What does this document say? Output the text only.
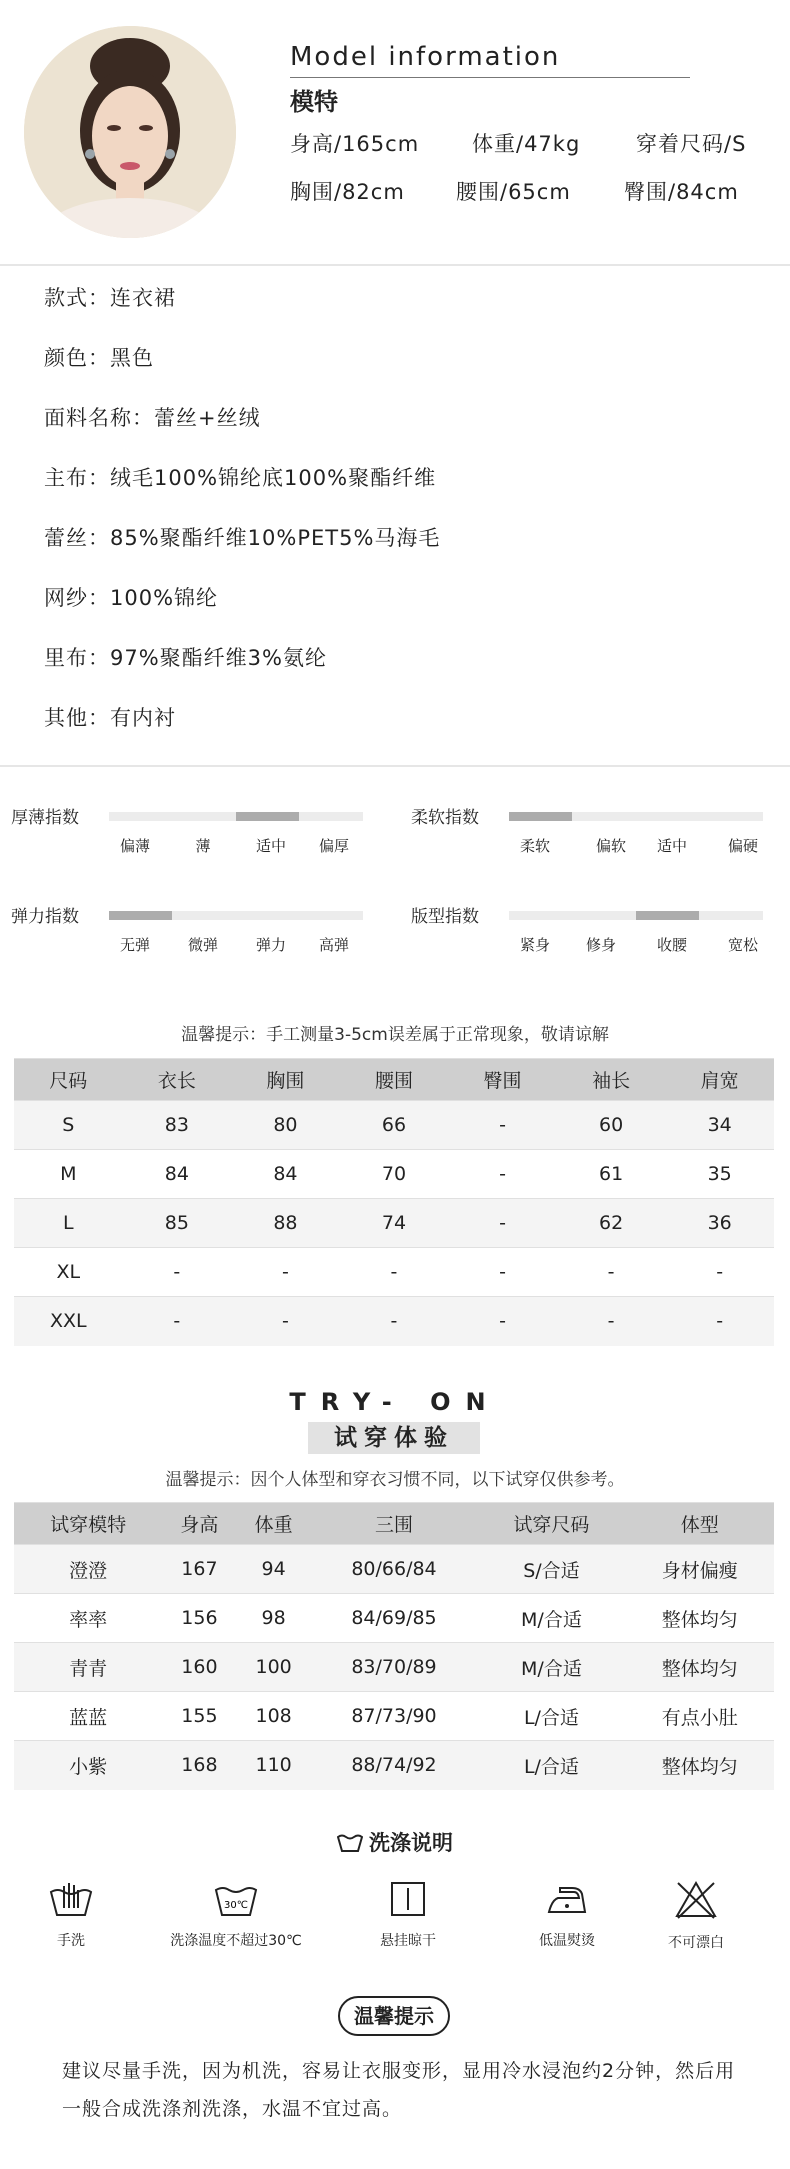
Model information
模特
身高/165cm	体重/47kg	穿着尺码/S
胸围/82cm 腰围/65cm	臀围/84cm
款式：连衣裙
颜色：黑色
面料名称：蕾丝+丝绒
主布：绒毛100%锦纶底100%聚酯纤维
蕾丝：85%聚酯纤维10%PET5%马海毛
网纱：100%锦纶
里布：97%聚酯纤维3%氨纶
其他：有内衬
厚薄指数
偏薄	薄	适中	偏厚
柔软指数
柔软	偏软	适中	偏硬
弹力指数
无弹	微弹	弹力	高弹
版型指数
紧身	修身	收腰	宽松
温馨提示：手工测量3-5cm误差属于正常现象，敬请谅解
尺码	衣长	胸围	腰围	臀围	袖长	肩宽
S	83	80	66	-	60	34
M	84	84	70	-	61	35
L	85	88	74	-	62	36
XL	-	-	-	-	-	-
XXL	-	-	-	-	-	-
TRY- ON
试穿体验
温馨提示：因个人体型和穿衣习惯不同，以下试穿仅供参考。
试穿模特	身高	体重	三围	试穿尺码	体型
澄澄	167	94	80/66/84	S/合适	身材偏瘦
率率	156	98	84/69/85	M/合适	整体均匀
青青	160	100	83/70/89	M/合适	整体均匀
蓝蓝	155	108	87/73/90	L/合适	有点小肚
小紫	168	110	88/74/92	L/合适	整体均匀
洗涤说明
手洗
30℃
洗涤温度不超过30℃	悬挂晾干	低温熨烫	不可漂白
温馨提示
建议尽量手洗，因为机洗，容易让衣服变形，显用冷水浸泡约2分钟，然后用一般合成洗涤剂洗涤，水温不宜过高。
